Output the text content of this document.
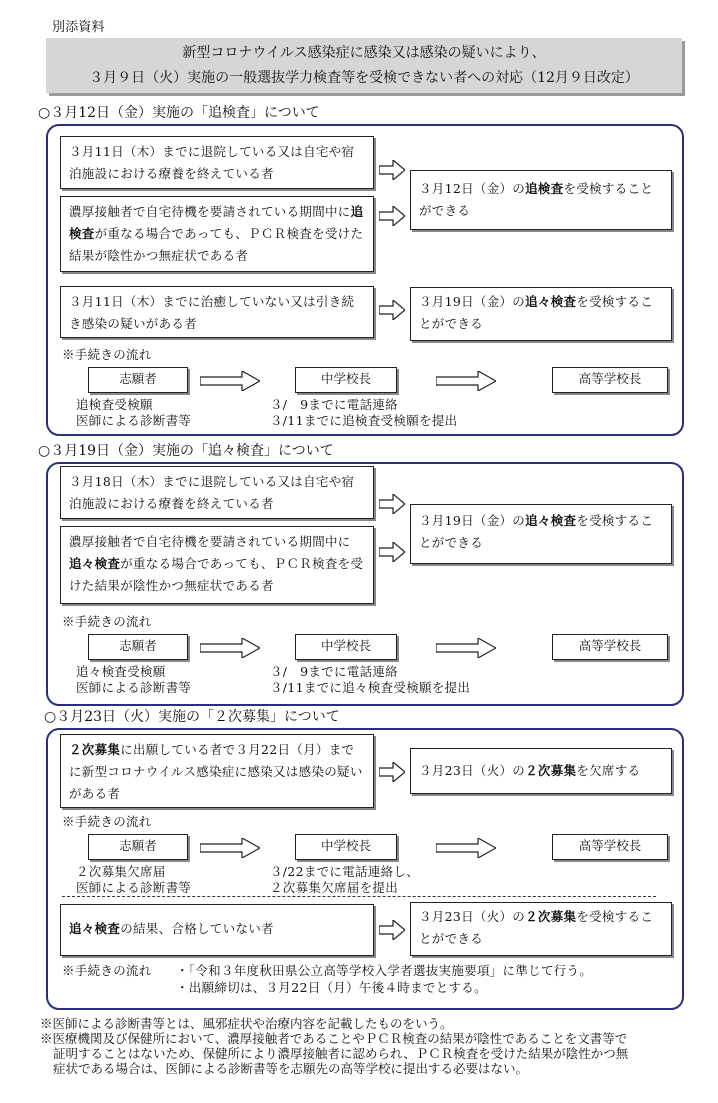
別添資料
新型コロナウイルス感染症に感染又は感染の疑いにより、
３月９日（火）実施の一般選抜学力検査等を受検できない者への対応（12月９日改定）
○３月12日（金）実施の「追検査」について
３月11日（木）までに退院している又は自宅や宿泊施設における療養を終えている者
濃厚接触者で自宅待機を要請されている期間中に追検査が重なる場合であっても、ＰＣＲ検査を受けた結果が陰性かつ無症状である者
３月12日（金）の追検査を受検することができる
３月11日（木）までに治癒していない又は引き続き感染の疑いがある者
３月19日（金）の追々検査を受検することができる
※手続きの流れ
志願者	中学校長	高等学校長
追検査受検願
医師による診断書等
３/　9までに電話連絡
３/11までに追検査受検願を提出
○３月19日（金）実施の「追々検査」について
３月18日（木）までに退院している又は自宅や宿泊施設における療養を終えている者
濃厚接触者で自宅待機を要請されている期間中に追々検査が重なる場合であっても、ＰＣＲ検査を受けた結果が陰性かつ無症状である者
３月19日（金）の追々検査を受検することができる
※手続きの流れ
志願者	中学校長	高等学校長
追々検査受検願
医師による診断書等
３/　9までに電話連絡
３/11までに追々検査受検願を提出
○３月23日（火）実施の「２次募集」について
２次募集に出願している者で３月22日（月）までに新型コロナウイルス感染症に感染又は感染の疑いがある者
３月23日（火）の２次募集を欠席する
※手続きの流れ
志願者	中学校長	高等学校長
２次募集欠席届
医師による診断書等
３/22までに電話連絡し、
２次募集欠席届を提出
追々検査の結果、合格していない者
３月23日（火）の２次募集を受検することができる
※手続きの流れ ・「令和３年度秋田県公立高等学校入学者選抜実施要項」に準じて行う。
・出願締切は、３月22日（月）午後４時までとする。
※医師による診断書等とは、風邪症状や治療内容を記載したものをいう。
※医療機関及び保健所において、濃厚接触者であることやＰＣＲ検査の結果が陰性であることを文書等で
証明することはないため、保健所により濃厚接触者に認められ、ＰＣＲ検査を受けた結果が陰性かつ無
症状である場合は、医師による診断書等を志願先の高等学校に提出する必要はない。
